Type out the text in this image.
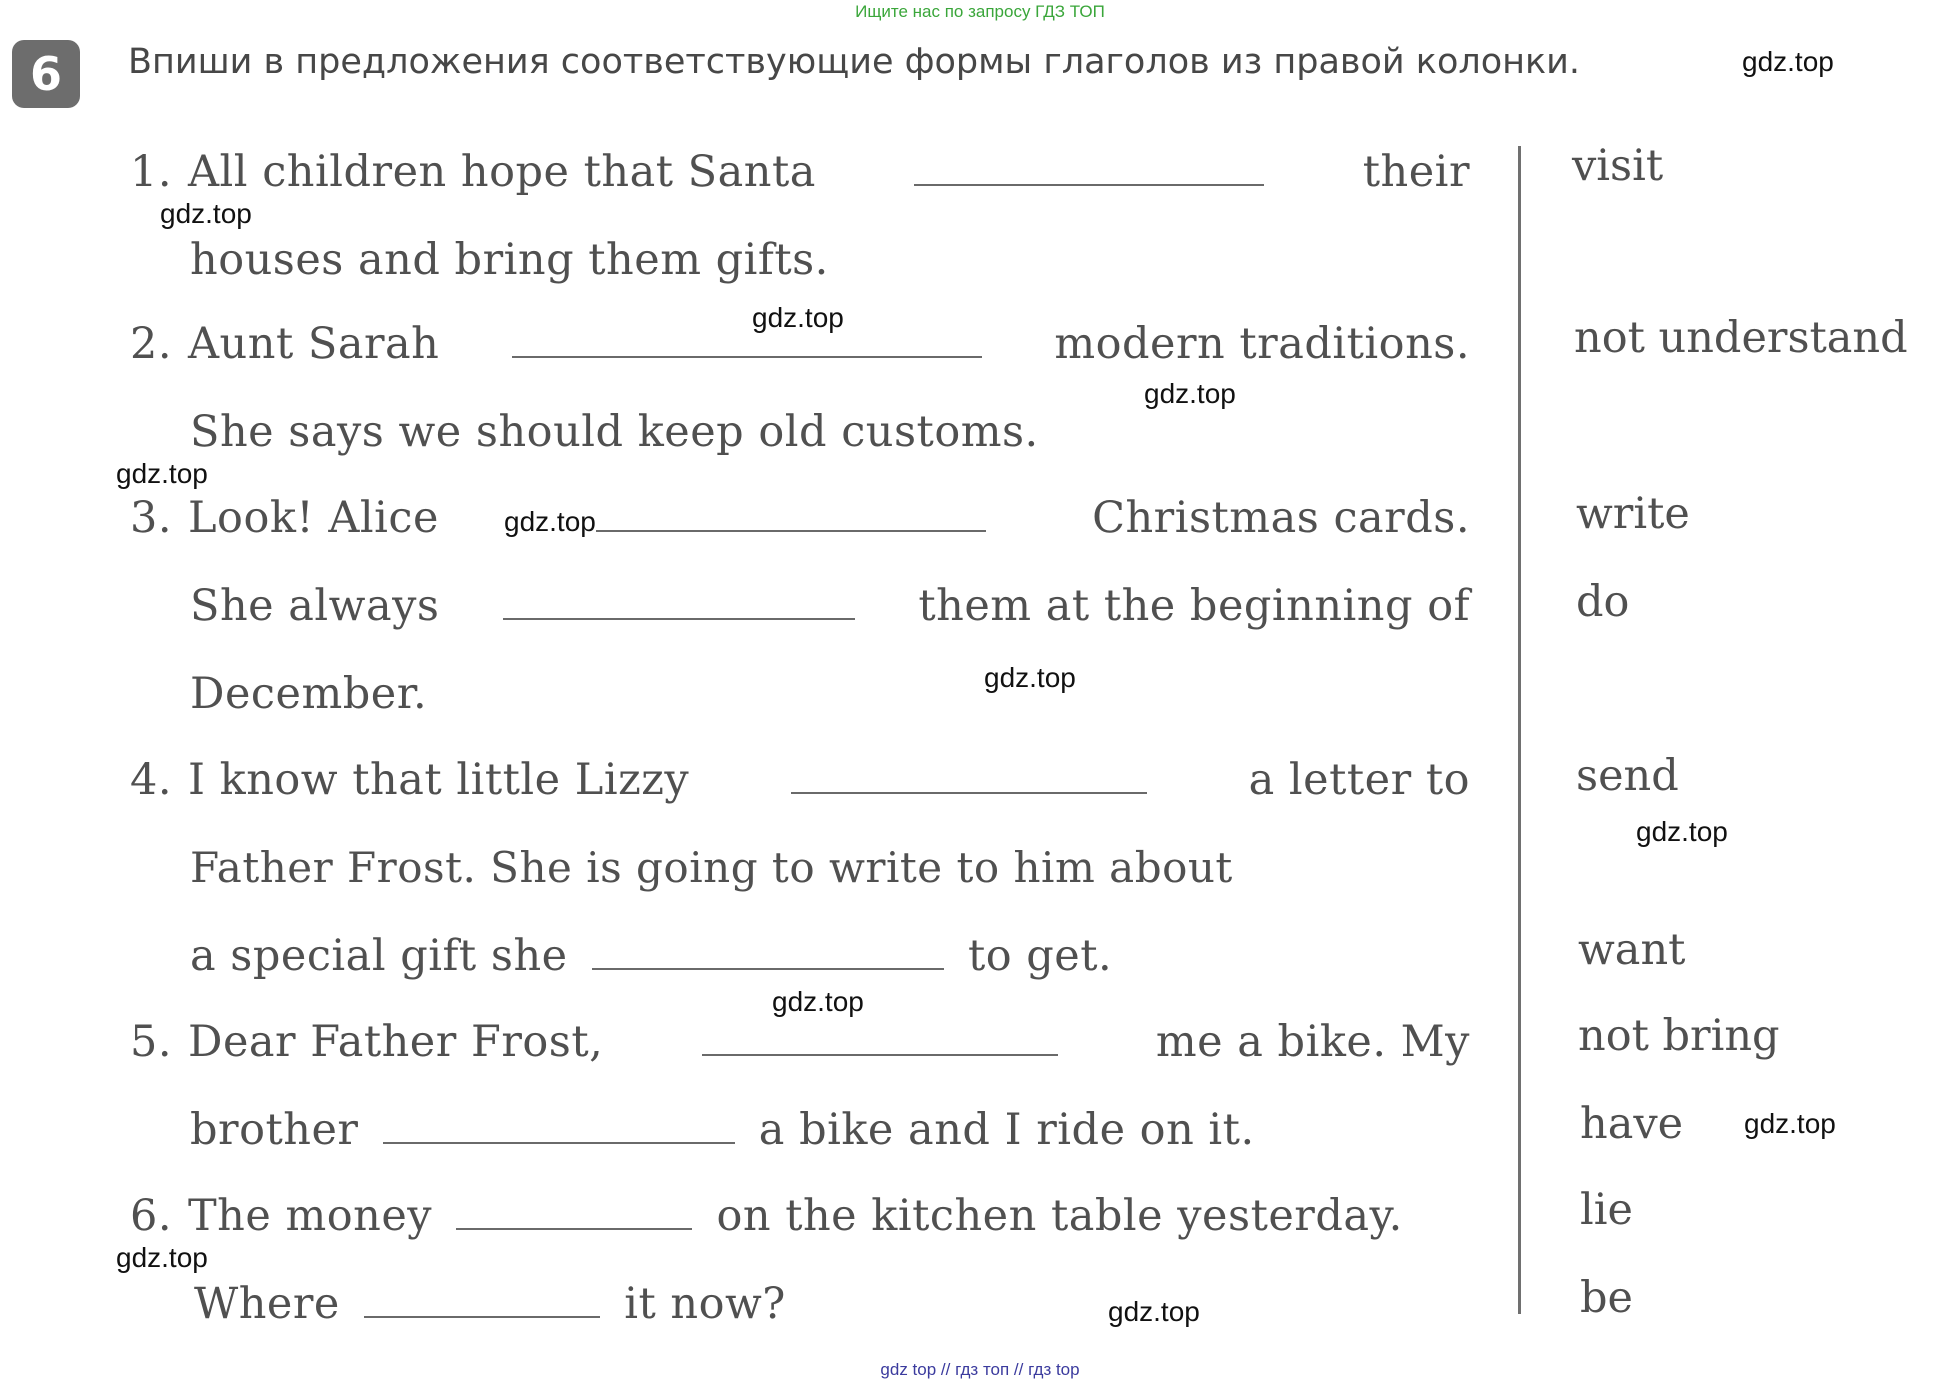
Ищите нас по запросу ГДЗ ТОП
6	Впиши в предложения соответствующие формы глаголов из правой колонки.
1. All children hope that Santa	their
houses and bring them gifts.
2. Aunt Sarah	modern traditions.
She says we should keep old customs.
3. Look! Alice	Christmas cards.
She always	them at the beginning of
December.
4. I know that little Lizzy	a letter to
Father Frost. She is going to write to him about
a special gift she	to get.
5. Dear Father Frost,	me a bike. My
brother	a bike and I ride on it.
6. The money	on the kitchen table yesterday.
Where	it now?
visit
not understand
write
do
send
want
not bring
have
lie
be
gdz.top
gdz.top
gdz.top
gdz.top
gdz.top
gdz.top
gdz.top
gdz.top
gdz.top
gdz.top
gdz.top
gdz.top
gdz top // гдз топ // гдз top
